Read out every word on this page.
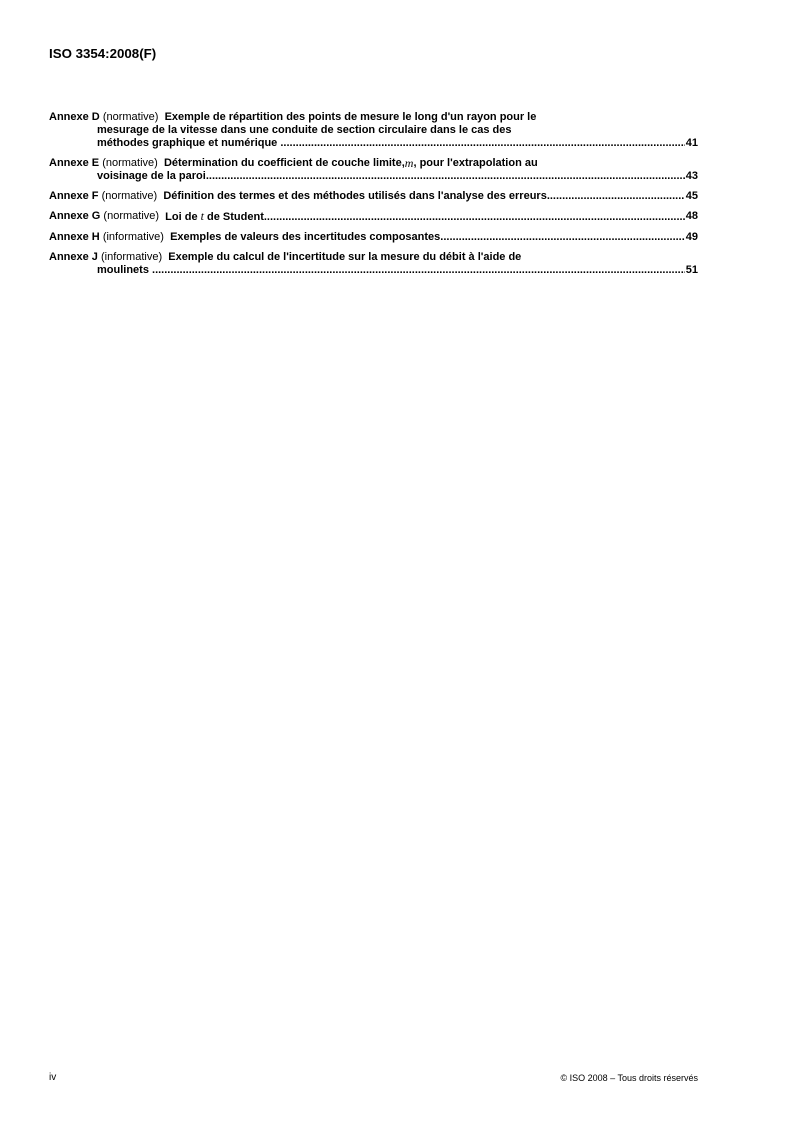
ISO 3354:2008(F)
Annexe D
(normative)
Exemple de répartition des points de mesure le long d'un rayon pour le
mesurage de la vitesse dans une conduite de section circulaire dans le cas des
méthodes graphique et numérique
.....	41
Annexe E
(normative)
Détermination du coefficient de couche limite, m , pour l'extrapolation au
voisinage de la paroi .....	43
Annexe F
(normative)
Définition des termes et des méthodes utilisés dans l'analyse des erreurs .....	45
Annexe G
(normative)
Loi de t de Student .....	48
Annexe H
(informative)
Exemples de valeurs des incertitudes composantes .....	49
Annexe J
(informative)
Exemple du calcul de l'incertitude sur la mesure du débit à l'aide de
moulinets
.....	51
iv	© ISO 2008 – Tous droits réservés
